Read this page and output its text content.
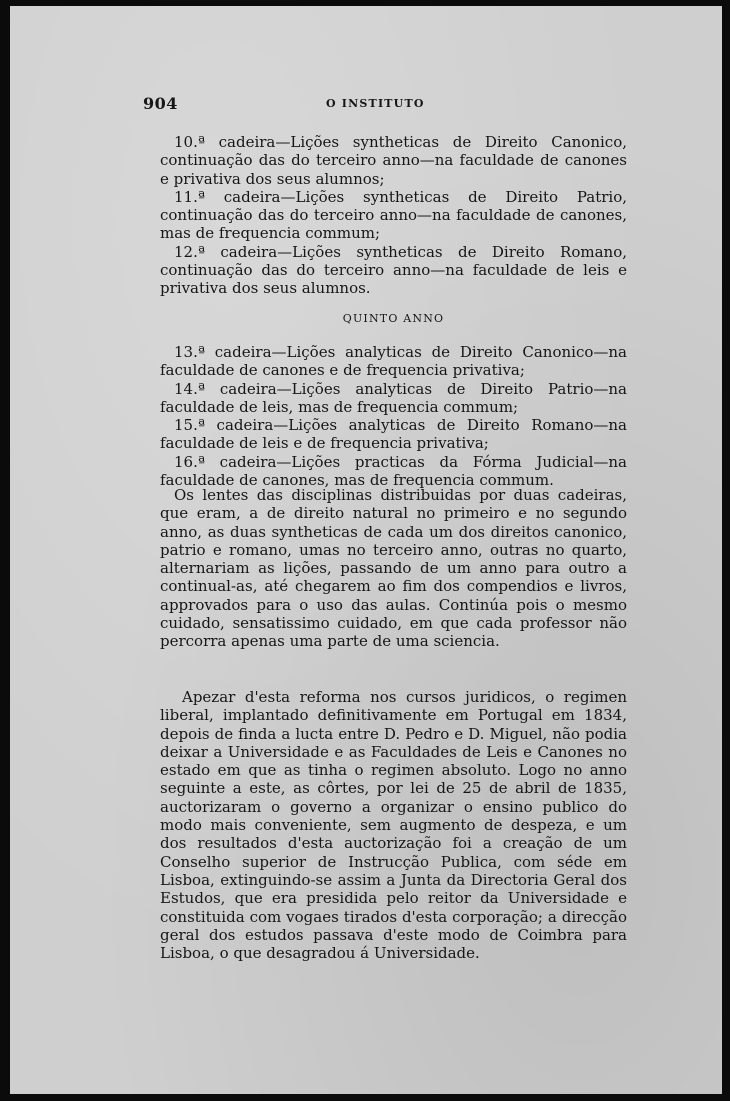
904	O INSTITUTO

10.ª cadeira—Lições syntheticas de Direito Canonico, continuação das do terceiro anno—na faculdade de canones e privativa dos seus alumnos;

11.ª cadeira—Lições syntheticas de Direito Patrio, continuação das do terceiro anno—na faculdade de canones, mas de frequencia commum;

12.ª cadeira—Lições syntheticas de Direito Romano, continuação das do terceiro anno—na faculdade de leis e privativa dos seus alumnos.

QUINTO ANNO

13.ª cadeira—Lições analyticas de Direito Canonico—na faculdade de canones e de frequencia privativa;

14.ª cadeira—Lições analyticas de Direito Patrio—na faculdade de leis, mas de frequencia commum;

15.ª cadeira—Lições analyticas de Direito Romano—na faculdade de leis e de frequencia privativa;

16.ª cadeira—Lições practicas da Fórma Judicial—na faculdade de canones, mas de frequencia commum.

Os lentes das disciplinas distribuidas por duas cadeiras, que eram, a de direito natural no primeiro e no segundo anno, as duas syntheticas de cada um dos direitos canonico, patrio e romano, umas no terceiro anno, outras no quarto, alternariam as lições, passando de um anno para outro a continual-as, até chegarem ao fim dos compendios e livros, approvados para o uso das aulas. Continúa pois o mesmo cuidado, sensatissimo cuidado, em que cada professor não percorra apenas uma parte de uma sciencia.

Apezar d'esta reforma nos cursos juridicos, o regimen liberal, implantado definitivamente em Portugal em 1834, depois de finda a lucta entre D. Pedro e D. Miguel, não podia deixar a Universidade e as Faculdades de Leis e Canones no estado em que as tinha o regimen absoluto. Logo no anno seguinte a este, as côrtes, por lei de 25 de abril de 1835, auctorizaram o governo a organizar o ensino publico do modo mais conveniente, sem augmento de despeza, e um dos resultados d'esta auctorização foi a creação de um Conselho superior de Instrucção Publica, com séde em Lisboa, extinguindo-se assim a Junta da Directoria Geral dos Estudos, que era presidida pelo reitor da Universidade e constituida com vogaes tirados d'esta corporação; a direcção geral dos estudos passava d'este modo de Coimbra para Lisboa, o que desagradou á Universidade.
